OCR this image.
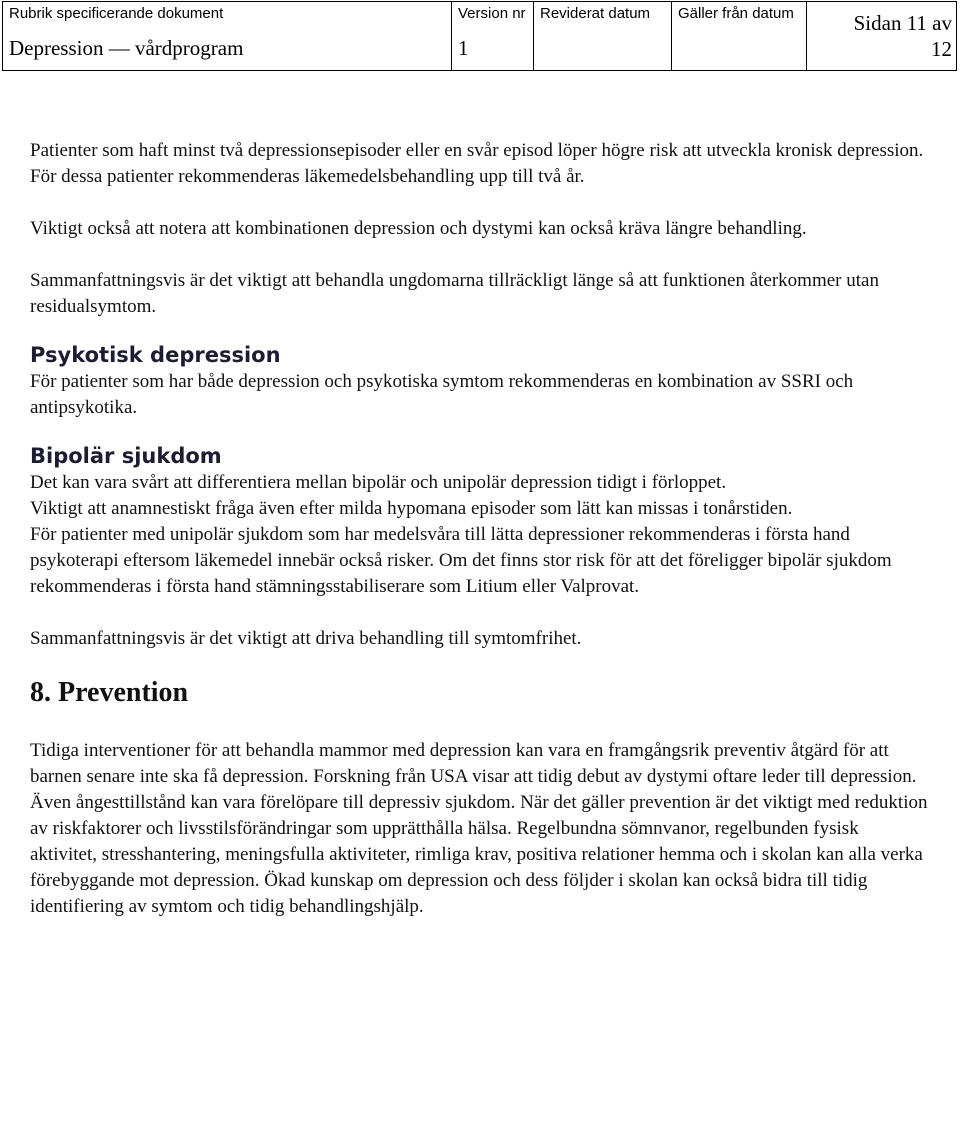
Rubrik specificerande dokument
Depression — vårdprogram
Version nr
1
Reviderat datum Gäller från datum	Sidan 11 av
12

Patienter som haft minst två depressionsepisoder eller en svår episod löper högre risk att utveckla kronisk depression. För dessa patienter rekommenderas läkemedelsbehandling upp till två år.

Viktigt också att notera att kombinationen depression och dystymi kan också kräva längre behandling.

Sammanfattningsvis är det viktigt att behandla ungdomarna tillräckligt länge så att funktionen återkommer utan residualsymtom.

Psykotisk depression

För patienter som har både depression och psykotiska symtom rekommenderas en kombination av SSRI och antipsykotika.

Bipolär sjukdom

Det kan vara svårt att differentiera mellan bipolär och unipolär depression tidigt i förloppet.

Viktigt att anamnestiskt fråga även efter milda hypomana episoder som lätt kan missas i tonårstiden.

För patienter med unipolär sjukdom som har medelsvåra till lätta depressioner rekommenderas i första hand psykoterapi eftersom läkemedel innebär också risker. Om det finns stor risk för att det föreligger bipolär sjukdom rekommenderas i första hand stämningsstabiliserare som Litium eller Valprovat.

Sammanfattningsvis är det viktigt att driva behandling till symtomfrihet.

8. Prevention

Tidiga interventioner för att behandla mammor med depression kan vara en framgångsrik preventiv åtgärd för att barnen senare inte ska få depression. Forskning från USA visar att tidig debut av dystymi oftare leder till depression. Även ångesttillstånd kan vara förelöpare till depressiv sjukdom. När det gäller prevention är det viktigt med reduktion av riskfaktorer och livsstilsförändringar som upprätthålla hälsa. Regelbundna sömnvanor, regelbunden fysisk aktivitet, stresshantering, meningsfulla aktiviteter, rimliga krav, positiva relationer hemma och i skolan kan alla verka förebyggande mot depression. Ökad kunskap om depression och dess följder i skolan kan också bidra till tidig identifiering av symtom och tidig behandlingshjälp.
